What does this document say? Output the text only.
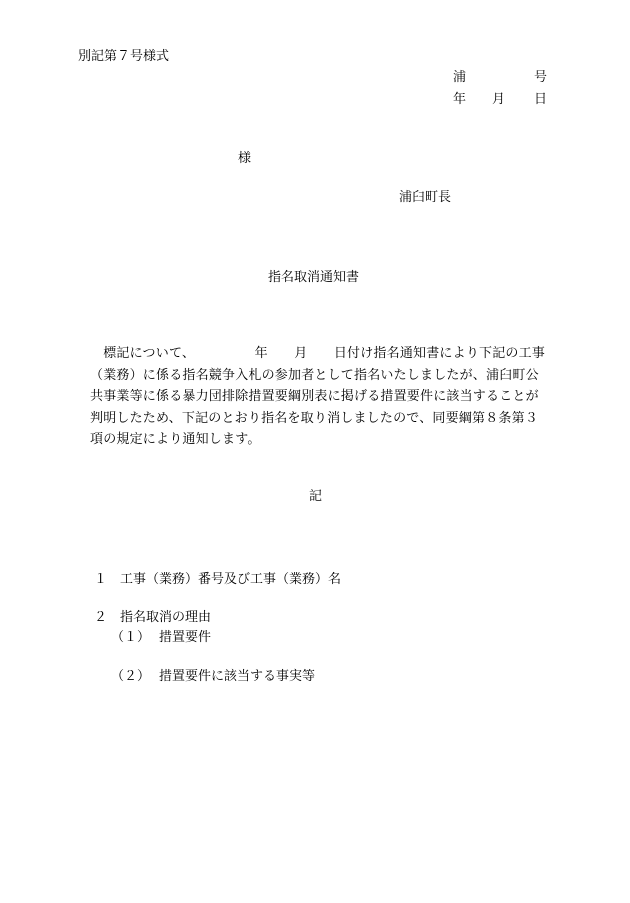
別記第７号様式
浦	号
年 月 日
様
浦臼町長
指名取消通知書
　標記について、　　　　　	年　　 月　　 日付け指名通知書により下記の工事（業務）に係る指名競争入札の参加者として指名いたしましたが、浦臼町公共事業等に係る暴力団排除措置要綱別表に掲げる措置要件に該当することが判明したため、下記のとおり指名を取り消しましたので、同要綱第８条第３項の規定により通知します。
記
１ 工事（業務）番号及び工事（業務）名
２ 指名取消の理由
（１） 措置要件
（２） 措置要件に該当する事実等
